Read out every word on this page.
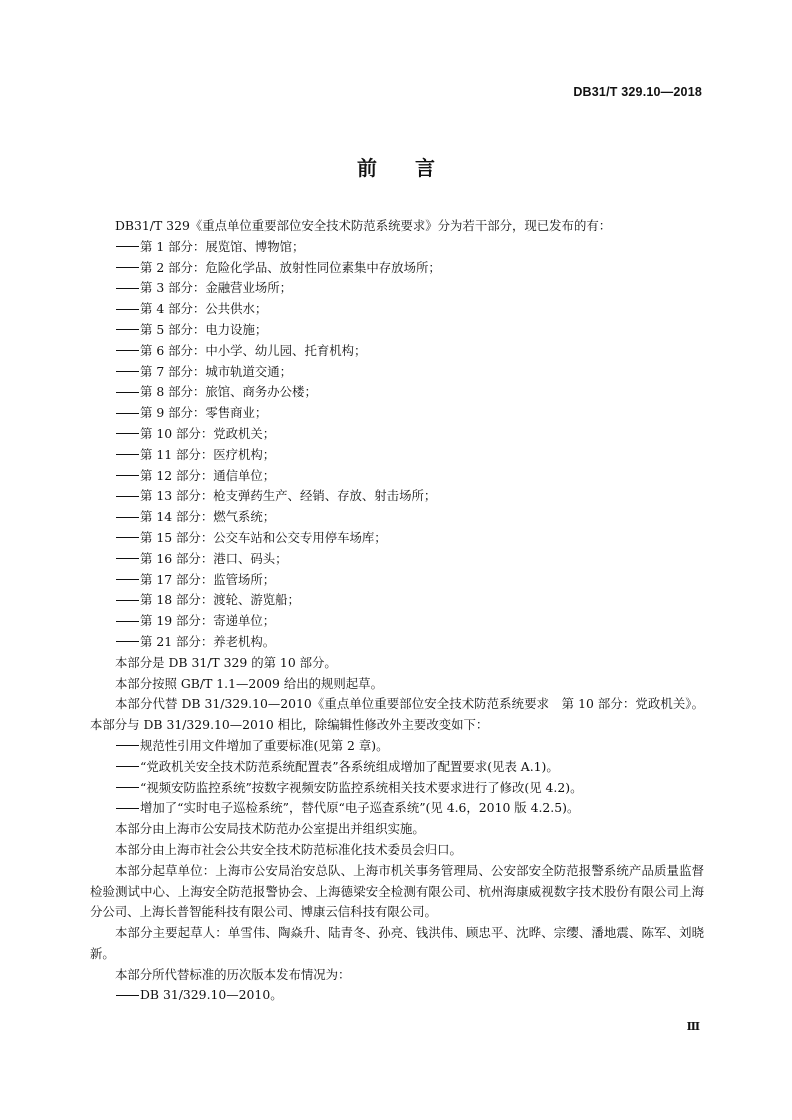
DB31/T 329.10—2018
前言
DB31/T 329《重点单位重要部位安全技术防范系统要求》分为若干部分，现已发布的有：
第 1 部分：展览馆、博物馆；
第 2 部分：危险化学品、放射性同位素集中存放场所；
第 3 部分：金融营业场所；
第 4 部分：公共供水；
第 5 部分：电力设施；
第 6 部分：中小学、幼儿园、托育机构；
第 7 部分：城市轨道交通；
第 8 部分：旅馆、商务办公楼；
第 9 部分：零售商业；
第 10 部分：党政机关；
第 11 部分：医疗机构；
第 12 部分：通信单位；
第 13 部分：枪支弹药生产、经销、存放、射击场所；
第 14 部分：燃气系统；
第 15 部分：公交车站和公交专用停车场库；
第 16 部分：港口、码头；
第 17 部分：监管场所；
第 18 部分：渡轮、游览船；
第 19 部分：寄递单位；
第 21 部分：养老机构。
本部分是 DB 31/T 329 的第 10 部分。
本部分按照 GB/T 1.1—2009 给出的规则起草。
本部分代替 DB 31/329.10—2010《重点单位重要部位安全技术防范系统要求　第 10 部分：党政机关》。本部分与 DB 31/329.10—2010 相比，除编辑性修改外主要改变如下：
规范性引用文件增加了重要标准(见第 2 章)。
“党政机关安全技术防范系统配置表”各系统组成增加了配置要求(见表 A.1)。
“视频安防监控系统”按数字视频安防监控系统相关技术要求进行了修改(见 4.2)。
增加了“实时电子巡检系统”，替代原“电子巡查系统”(见 4.6，2010 版 4.2.5)。
本部分由上海市公安局技术防范办公室提出并组织实施。
本部分由上海市社会公共安全技术防范标准化技术委员会归口。
本部分起草单位：上海市公安局治安总队、上海市机关事务管理局、公安部安全防范报警系统产品质量监督检验测试中心、上海安全防范报警协会、上海德梁安全检测有限公司、杭州海康威视数字技术股份有限公司上海分公司、上海长普智能科技有限公司、博康云信科技有限公司。
本部分主要起草人：单雪伟、陶焱升、陆青冬、孙亮、钱洪伟、顾忠平、沈晔、宗缨、潘地震、陈军、刘晓新。
本部分所代替标准的历次版本发布情况为：
DB 31/329.10—2010。
Ⅲ
